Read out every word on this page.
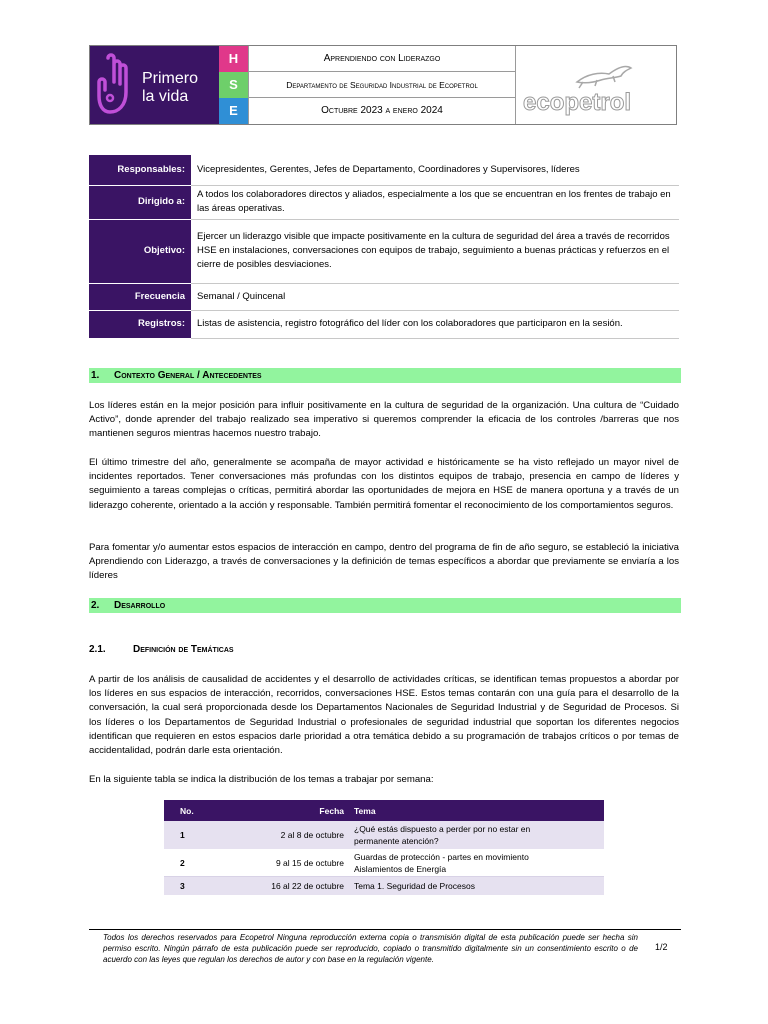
Primero
la vida
H
S
E
Aprendiendo con Liderazgo
Departamento de Seguridad Industrial de Ecopetrol
Octubre 2023 a enero 2024	ecopetrol
Responsables:	Vicepresidentes, Gerentes, Jefes de Departamento, Coordinadores y Supervisores, líderes
Dirigido a:	A todos los colaboradores directos y aliados, especialmente a los que se encuentran en los frentes de trabajo en las áreas operativas.
Objetivo:	Ejercer un liderazgo visible que impacte positivamente en la cultura de seguridad del área a través de recorridos HSE en instalaciones, conversaciones con equipos de trabajo, seguimiento a buenas prácticas y refuerzos en el cierre de posibles desviaciones.
Frecuencia	Semanal / Quincenal
Registros:	Listas de asistencia, registro fotográfico del líder con los colaboradores que participaron en la sesión.
1. Contexto General / Antecedentes
Los líderes están en la mejor posición para influir positivamente en la cultura de seguridad de la organización. Una cultura de “Cuidado Activo”, donde aprender del trabajo realizado sea imperativo si queremos comprender la eficacia de los controles /barreras que nos mantienen seguros mientras hacemos nuestro trabajo.
El último trimestre del año, generalmente se acompaña de mayor actividad e históricamente se ha visto reflejado un mayor nivel de incidentes reportados. Tener conversaciones más profundas con los distintos equipos de trabajo, presencia en campo de líderes y seguimiento a tareas complejas o críticas, permitirá abordar las oportunidades de mejora en HSE de manera oportuna y a través de un liderazgo coherente, orientado a la acción y responsable. También permitirá fomentar el reconocimiento de los comportamientos seguros.
Para fomentar y/o aumentar estos espacios de interacción en campo, dentro del programa de fin de año seguro, se estableció la iniciativa Aprendiendo con Liderazgo, a través de conversaciones y la definición de temas específicos a abordar que previamente se enviaría a los líderes
2. Desarrollo
2.1.	Definición de Temáticas
A partir de los análisis de causalidad de accidentes y el desarrollo de actividades críticas, se identifican temas propuestos a abordar por los líderes en sus espacios de interacción, recorridos, conversaciones HSE. Estos temas contarán con una guía para el desarrollo de la conversación, la cual será proporcionada desde los Departamentos Nacionales de Seguridad Industrial y de Seguridad de Procesos. Si los líderes o los Departamentos de Seguridad Industrial o profesionales de seguridad industrial que soportan los diferentes negocios identifican que requieren en estos espacios darle prioridad a otra temática debido a su programación de trabajos críticos o por temas de accidentalidad, podrán darle esta orientación.
En la siguiente tabla se indica la distribución de los temas a trabajar por semana:
No.	Fecha	Tema
1	2 al 8 de octubre	¿Qué estás dispuesto a perder por no estar en
permanente atención?

2	9 al 15 de octubre	Guardas de protección - partes en movimiento
Aislamientos de Energía

3	16 al 22 de octubre	Tema 1. Seguridad de Procesos
Todos los derechos reservados para Ecopetrol Ninguna reproducción externa copia o transmisión digital de esta publicación puede ser hecha sin permiso escrito. Ningún párrafo de esta publicación puede ser reproducido, copiado o transmitido digitalmente sin un consentimiento escrito o de acuerdo con las leyes que regulan los derechos de autor y con base en la regulación vigente.
1/2
